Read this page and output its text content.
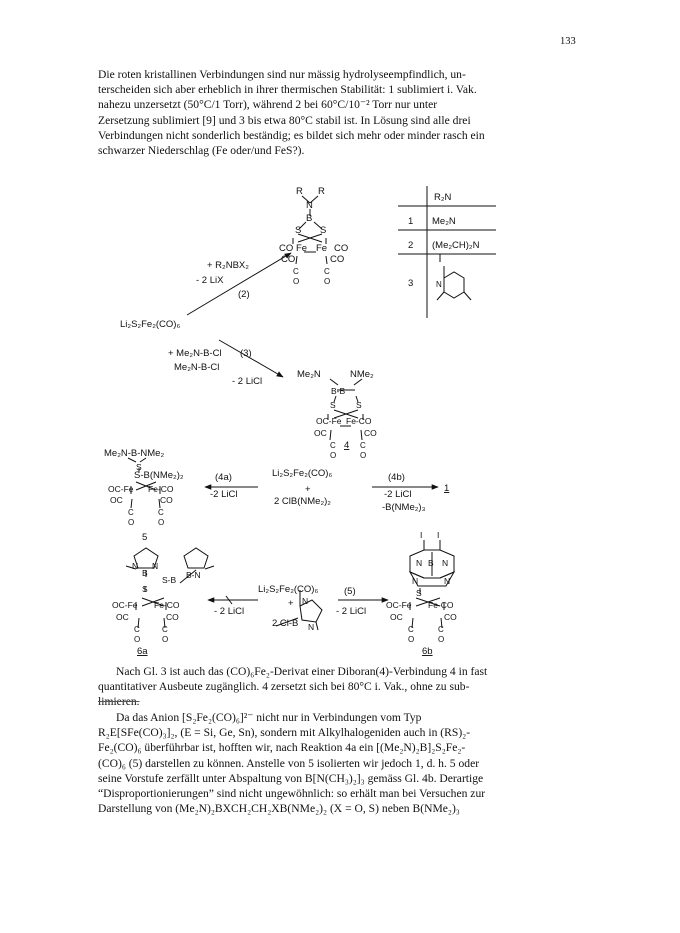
133
Die roten kristallinen Verbindungen sind nur mässig hydrolyseempfindlich, un-
terscheiden sich aber erheblich in ihrer thermischen Stabilität: 1 sublimiert i. Vak.
nahezu unzersetzt (50°C/1 Torr), während 2 bei 60°C/10⁻² Torr nur unter
Zersetzung sublimiert [9] und 3 bis etwa 80°C stabil ist. In Lösung sind alle drei
Verbindungen nicht sonderlich beständig; es bildet sich mehr oder minder rasch ein
schwarzer Niederschlag (Fe oder/und FeS?).
R R
N
B
S S
Fe Fe
CO	CO
CO	CO
C	C
O	O
R₂N
1 Me₂N
2 (Me₂CH)₂N
3	N
+ R₂NBX₂
- 2 LiX
(2)
Li₂S₂Fe₂(CO)₆
+ Me₂N-B-Cl
Me₂N-B-Cl
(3)
- 2 LiCl
Me₂N	NMe₂
B-B
S S
OC-Fe Fe-CO
OC	CO
C	C
O	O
4
Me₂N-B-NMe₂
S-B(NMe₂)₂
S
OC-Fe Fe-CO
OC	CO
C	C
O	O
5
(4a)
-2 LiCl
Li₂S₂Fe₂(CO)₆
+
2 ClB(NMe₂)₂
(4b)
-2 LiCl
-B(NMe₂)₃
1
B
N N
B-N
S-B
S
OC-Fe Fe-CO
OC	CO
C	C
O	O
6a
Li₂S₂Fe₂(CO)₆
+
2 Cl-B
N
N
- 2 LiCl
(5)
- 2 LiCl
I I
N N
B
N	N
S
OC-Fe Fe-CO
OC	CO
C	C
O	O
6b
Nach Gl. 3 ist auch das (CO)₆Fe₂-Derivat einer Diboran(4)-Verbindung 4 in fast
quantitativer Ausbeute zugänglich. 4 zersetzt sich bei 80°C i. Vak., ohne zu sub-
limieren.
Da das Anion [S₂Fe₂(CO)₆]²⁻ nicht nur in Verbindungen vom Typ
R₂E[SFe(CO)₃]₂, (E = Si, Ge, Sn), sondern mit Alkylhalogeniden auch in (RS)₂-
Fe₂(CO)₆ überführbar ist, hofften wir, nach Reaktion 4a ein [(Me₂N)₂B]₂S₂Fe₂-
(CO)₆ (5) darstellen zu können. Anstelle von 5 isolierten wir jedoch 1, d. h. 5 oder
seine Vorstufe zerfällt unter Abspaltung von B[N(CH₃)₂]₃ gemäss Gl. 4b. Derartige
“Disproportionierungen” sind nicht ungewöhnlich: so erhält man bei Versuchen zur
Darstellung von (Me₂N)₂BXCH₂CH₂XB(NMe₂)₂ (X = O, S) neben B(NMe₂)₃
